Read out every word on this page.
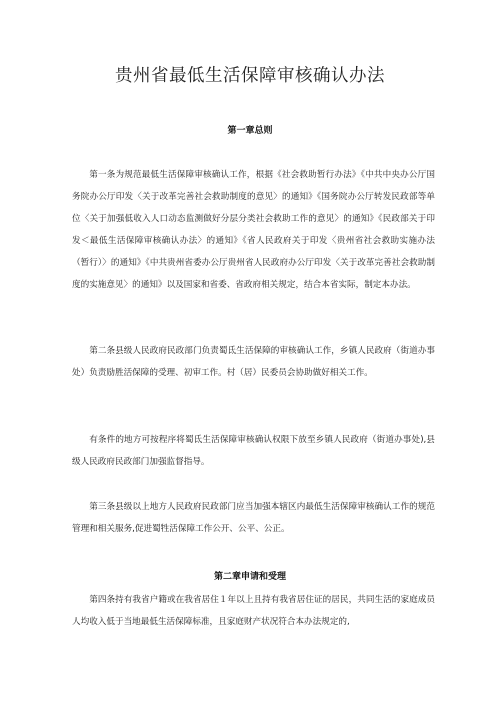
贵州省最低生活保障审核确认办法
第一章总则

第一条为规范最低生活保障审核确认工作，根据《社会救助暂行办法》《中共中央办公厅国务院办公厅印发〈关于改革完善社会救助制度的意见〉的通知》《国务院办公厅转发民政部等单位〈关于加强低收入人口动态监测做好分层分类社会救助工作的意见〉的通知》《民政部关于印发＜最低生活保障审核确认办法〉的通知》《省人民政府关于印发〈贵州省社会救助实施办法（暂行）〉的通知》《中共贵州省委办公厅贵州省人民政府办公厅印发〈关于改革完善社会救助制度的实施意见〉的通知》以及国家和省委、省政府相关规定，结合本省实际，制定本办法。

第二条县级人民政府民政部门负责蜀氐生活保障的审核确认工作，乡镇人民政府（街道办事处）负责励胜活保障的受理、初审工作。村（居）民委员会协助做好相关工作。

有条件的地方可按程序将蜀氐生活保障审核确认权限下放至乡镇人民政府（街道办事处),县级人民政府民政部门加强监督指导。

第三条县级以上地方人民政府民政部门应当加强本辖区内最低生活保障审核确认工作的规范管理和相关服务,促进蜀牲活保障工作公开、公平、公正。

第二章申请和受理

第四条持有我省户籍或在我省居住１年以上且持有我省居住证的居民，共同生活的家庭成员人均收入低于当地最低生活保障标准，且家庭财产状况符合本办法规定的,
